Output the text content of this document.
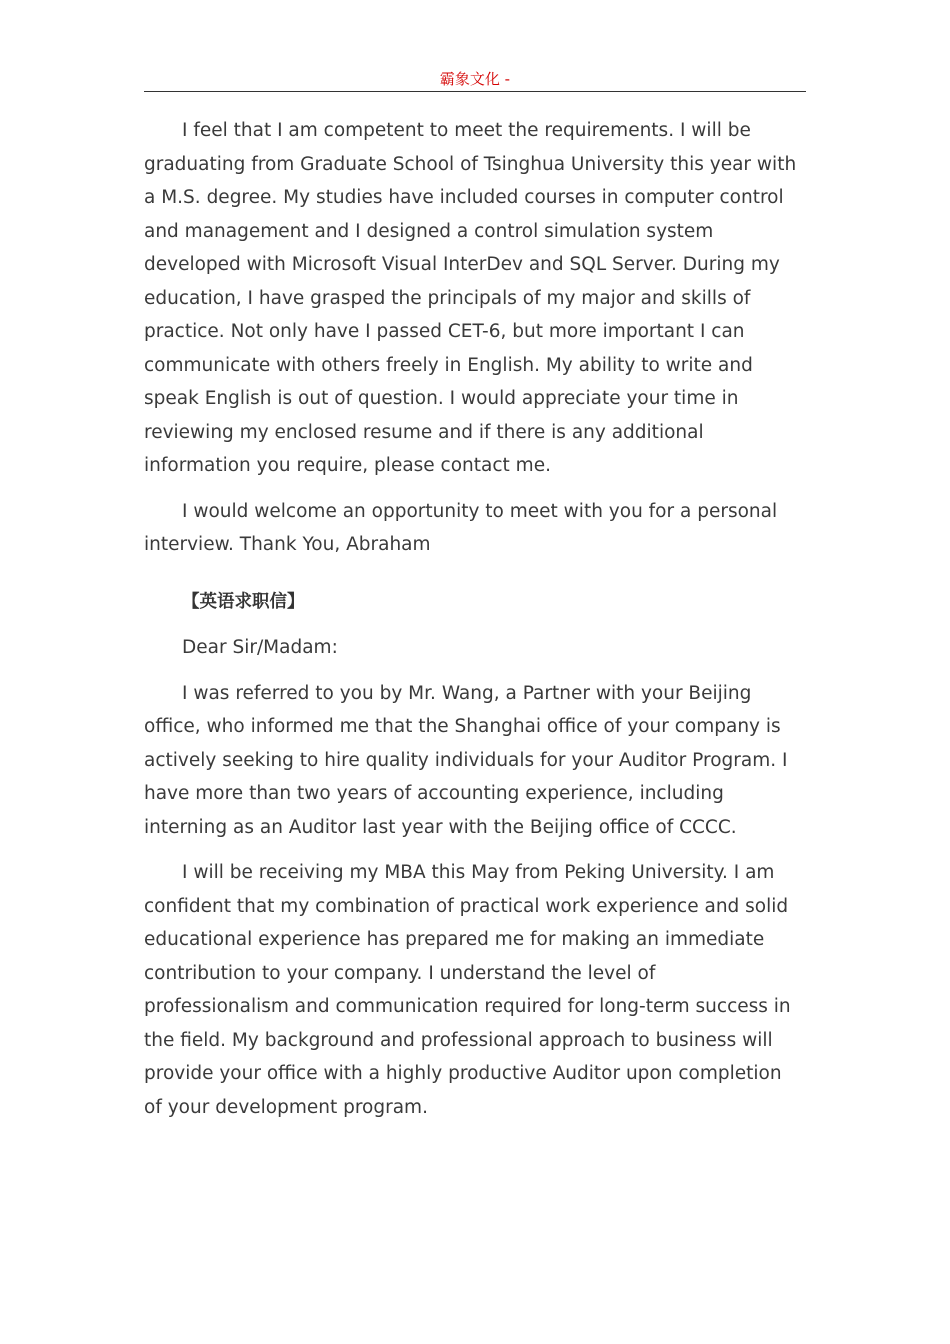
霸象文化 -

I feel that I am competent to meet the requirements. I will be graduating from Graduate School of Tsinghua University this year with a M.S. degree. My studies have included courses in computer control and management and I designed a control simulation system developed with Microsoft Visual InterDev and SQL Server. During my education, I have grasped the principals of my major and skills of practice. Not only have I passed CET-6, but more important I can communicate with others freely in English. My ability to write and speak English is out of question. I would appreciate your time in reviewing my enclosed resume and if there is any additional information you require, please contact me.

I would welcome an opportunity to meet with you for a personal interview. Thank You, Abraham

【英语求职信】

Dear Sir/Madam:

I was referred to you by Mr. Wang, a Partner with your Beijing office, who informed me that the Shanghai office of your company is actively seeking to hire quality individuals for your Auditor Program. I have more than two years of accounting experience, including interning as an Auditor last year with the Beijing office of CCCC.

I will be receiving my MBA this May from Peking University. I am confident that my combination of practical work experience and solid educational experience has prepared me for making an immediate contribution to your company. I understand the level of professionalism and communication required for long-term success in the field. My background and professional approach to business will provide your office with a highly productive Auditor upon completion of your development program.
